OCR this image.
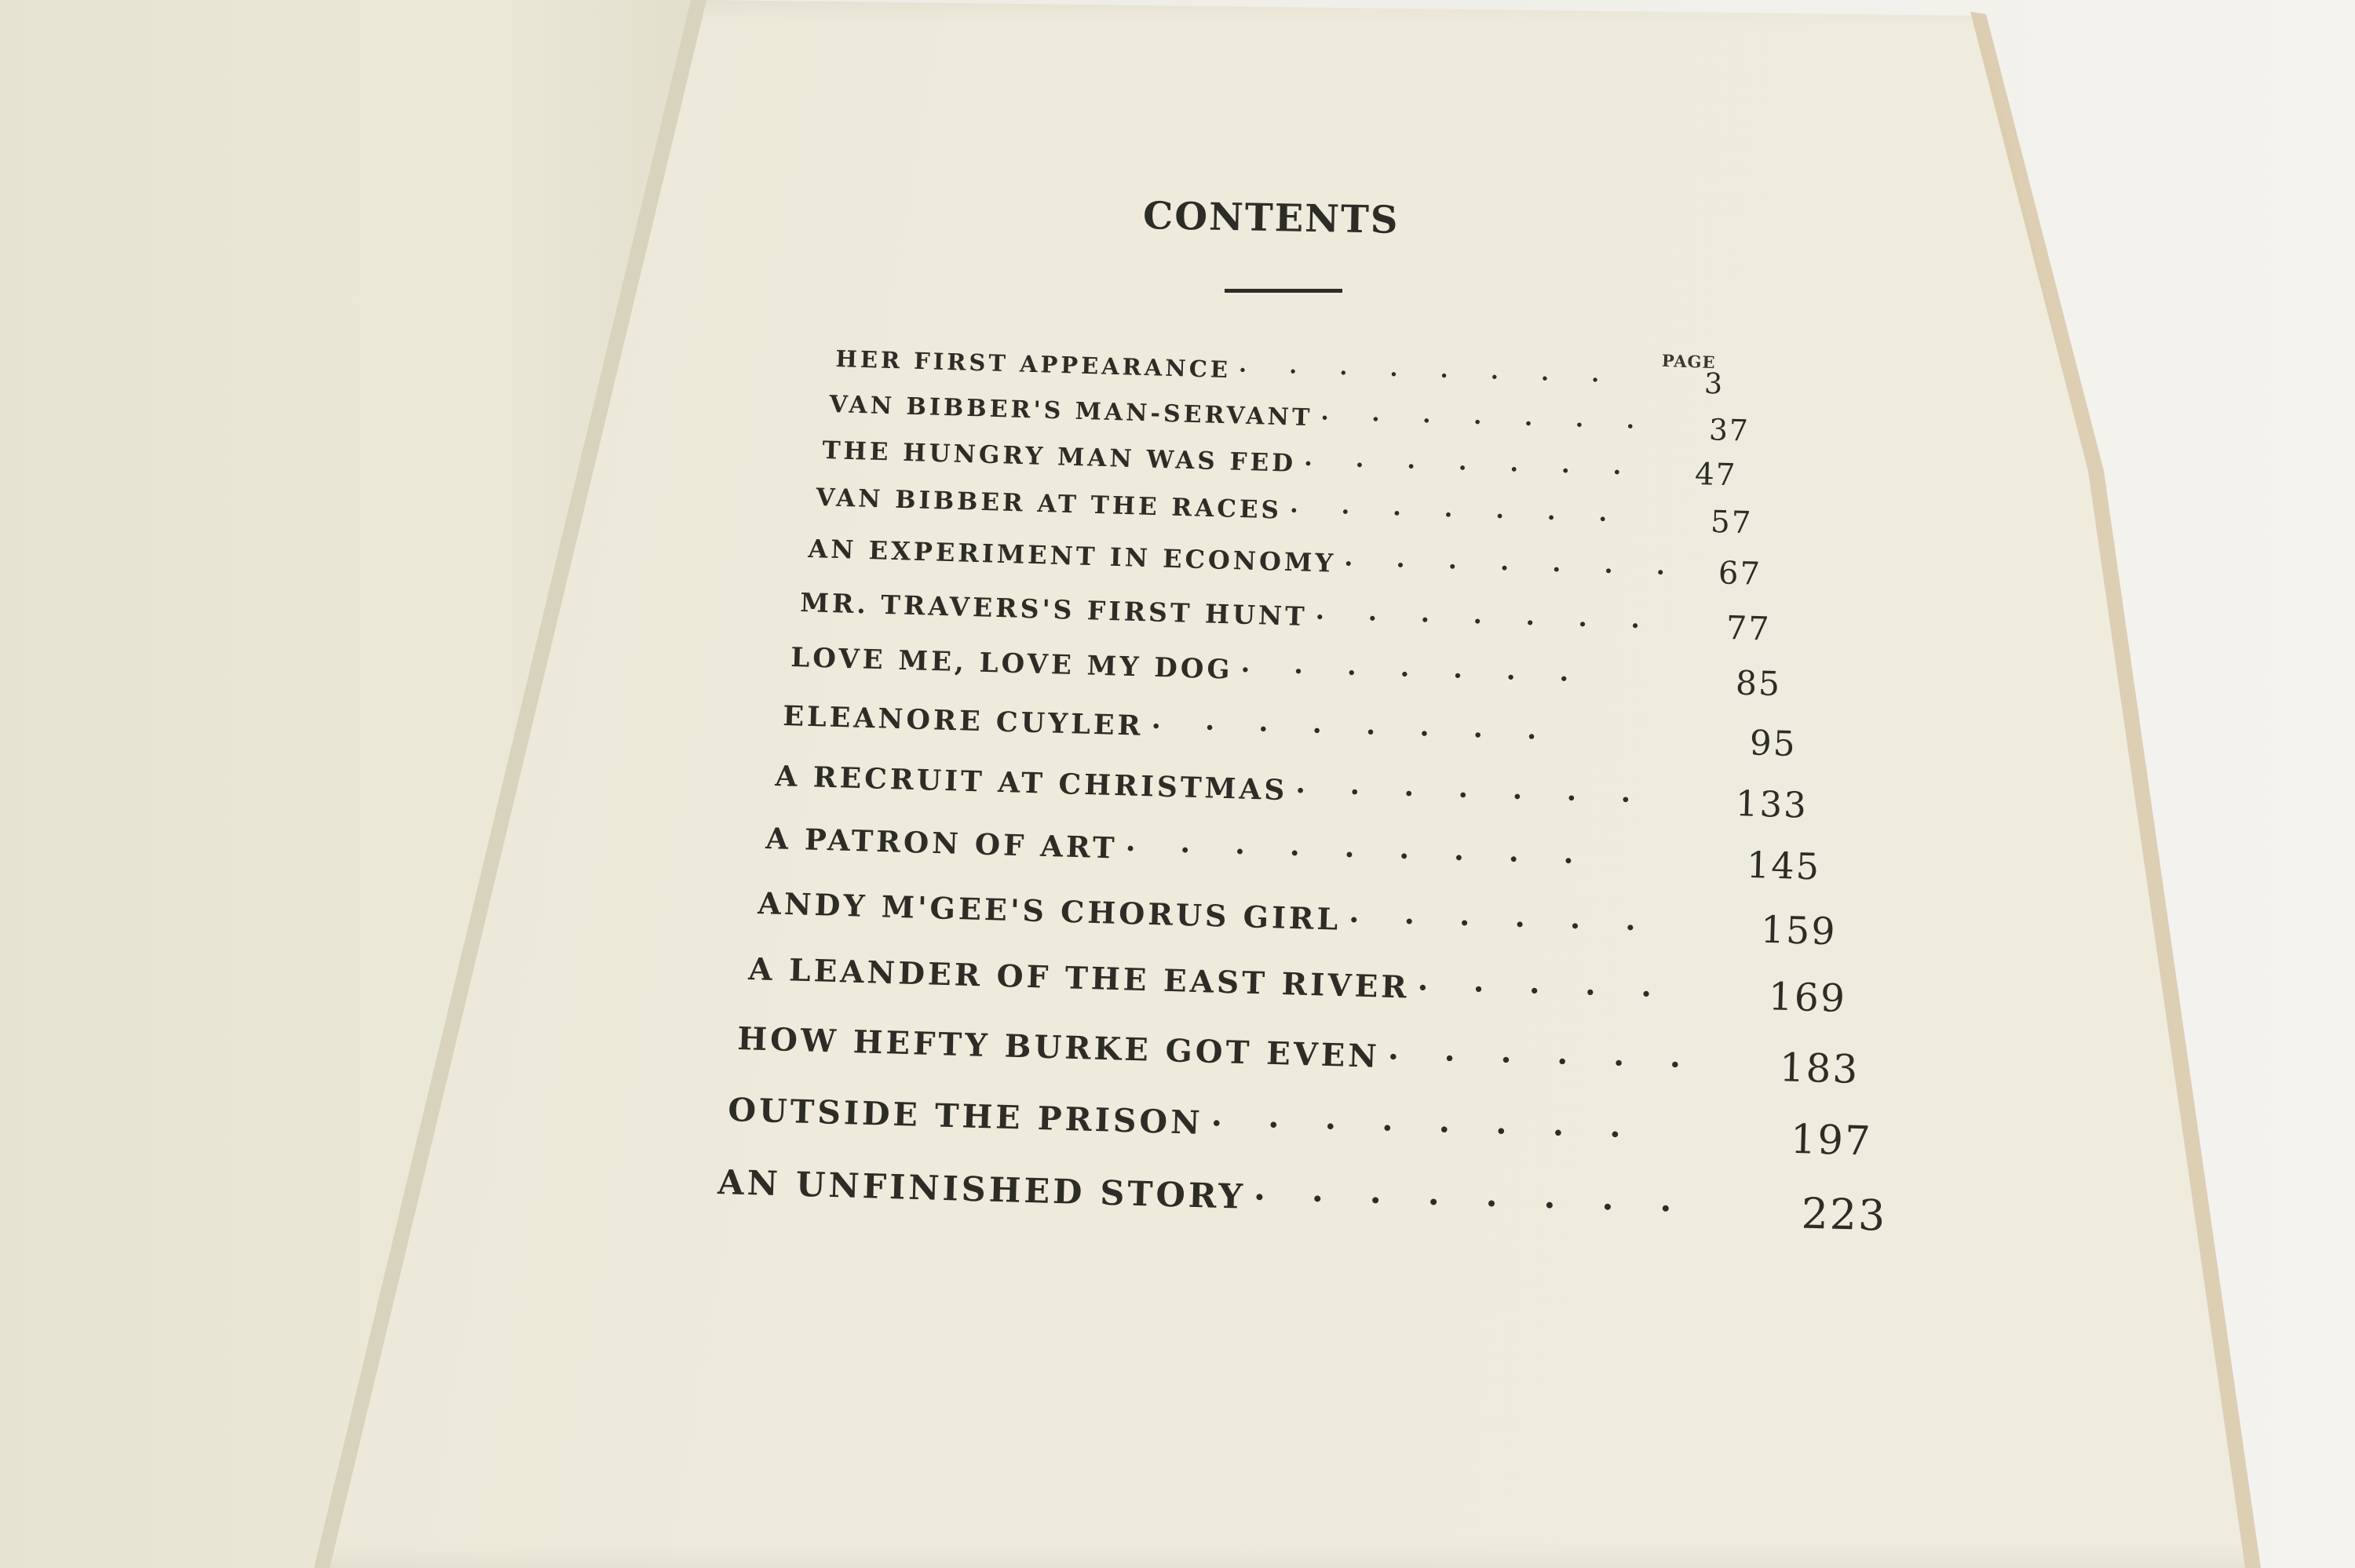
CONTENTS
PAGE
HER FIRST APPEARANCE · · · · · · · ·	3
VAN BIBBER'S MAN-SERVANT · · · · · · · 37
THE HUNGRY MAN WAS FED · · · · · · · 47
VAN BIBBER AT THE RACES · · · · · · ·	57
AN EXPERIMENT IN ECONOMY · · · · · · · 67
MR. TRAVERS'S FIRST HUNT · · · · · · · 77
LOVE ME, LOVE MY DOG · · · · · · ·	85
ELEANORE CUYLER · · · · · · · ·	95
A RECRUIT AT CHRISTMAS · · · · · · · 133
A PATRON OF ART · · · · · · · · ·	145
ANDY M'GEE'S CHORUS GIRL · · · · · ·	159
A LEANDER OF THE EAST RIVER · · · · ·	169
HOW HEFTY BURKE GOT EVEN · · · · · · 183
OUTSIDE THE PRISON · · · · · · · ·	197
AN UNFINISHED STORY · · · · · · · ·	223
